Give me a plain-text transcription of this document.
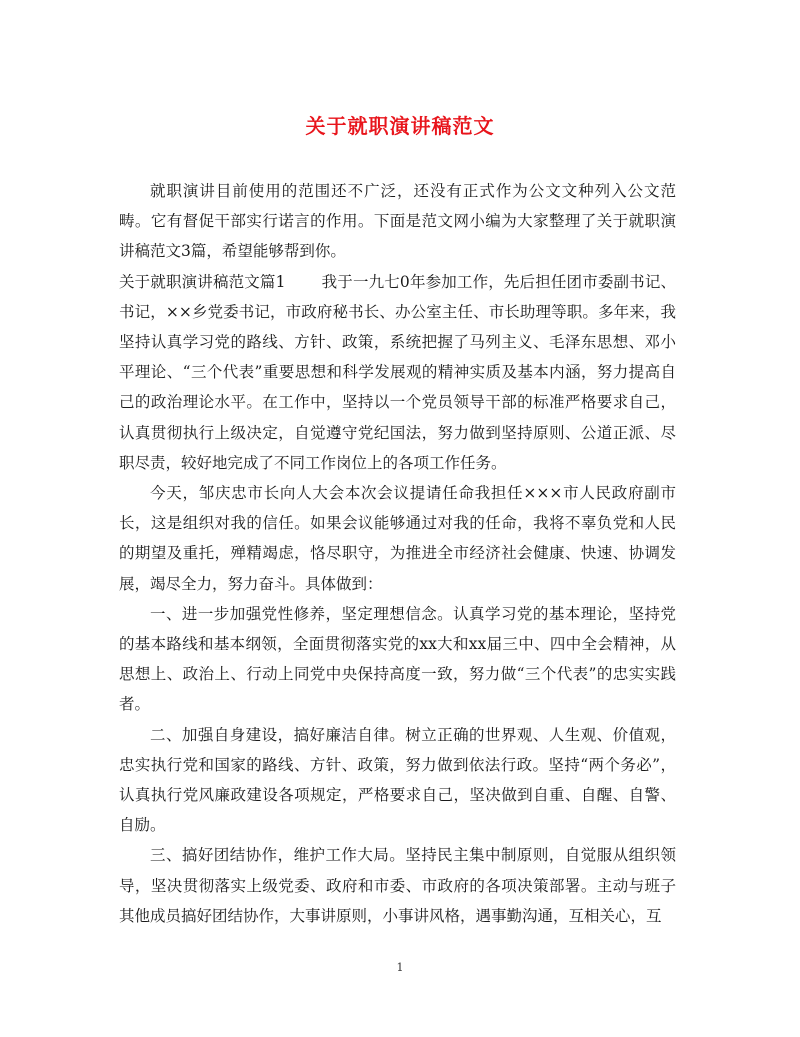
关于就职演讲稿范文

就职演讲目前使用的范围还不广泛，还没有正式作为公文文种列入公文范畴。它有督促干部实行诺言的作用。下面是范文网小编为大家整理了关于就职演讲稿范文3篇，希望能够帮到你。

关于就职演讲稿范文篇1 我于一九七0年参加工作，先后担任团市委副书记、书记，××乡党委书记，市政府秘书长、办公室主任、市长助理等职。多年来，我坚持认真学习党的路线、方针、政策，系统把握了马列主义、毛泽东思想、邓小平理论、“三个代表”重要思想和科学发展观的精神实质及基本内涵，努力提高自己的政治理论水平。在工作中，坚持以一个党员领导干部的标准严格要求自己，认真贯彻执行上级决定，自觉遵守党纪国法，努力做到坚持原则、公道正派、尽职尽责，较好地完成了不同工作岗位上的各项工作任务。

今天，邹庆忠市长向人大会本次会议提请任命我担任×××市人民政府副市长，这是组织对我的信任。如果会议能够通过对我的任命，我将不辜负党和人民的期望及重托，殚精竭虑，恪尽职守，为推进全市经济社会健康、快速、协调发展，竭尽全力，努力奋斗。具体做到：

一、进一步加强党性修养，坚定理想信念。认真学习党的基本理论，坚持党的基本路线和基本纲领，全面贯彻落实党的xx大和xx届三中、四中全会精神，从思想上、政治上、行动上同党中央保持高度一致，努力做“三个代表”的忠实实践者。

二、加强自身建设，搞好廉洁自律。树立正确的世界观、人生观、价值观，忠实执行党和国家的路线、方针、政策，努力做到依法行政。坚持“两个务必”，认真执行党风廉政建设各项规定，严格要求自己，坚决做到自重、自醒、自警、自励。

三、搞好团结协作，维护工作大局。坚持民主集中制原则，自觉服从组织领导，坚决贯彻落实上级党委、政府和市委、市政府的各项决策部署。主动与班子其他成员搞好团结协作，大事讲原则，小事讲风格，遇事勤沟通，互相关心，互

1
